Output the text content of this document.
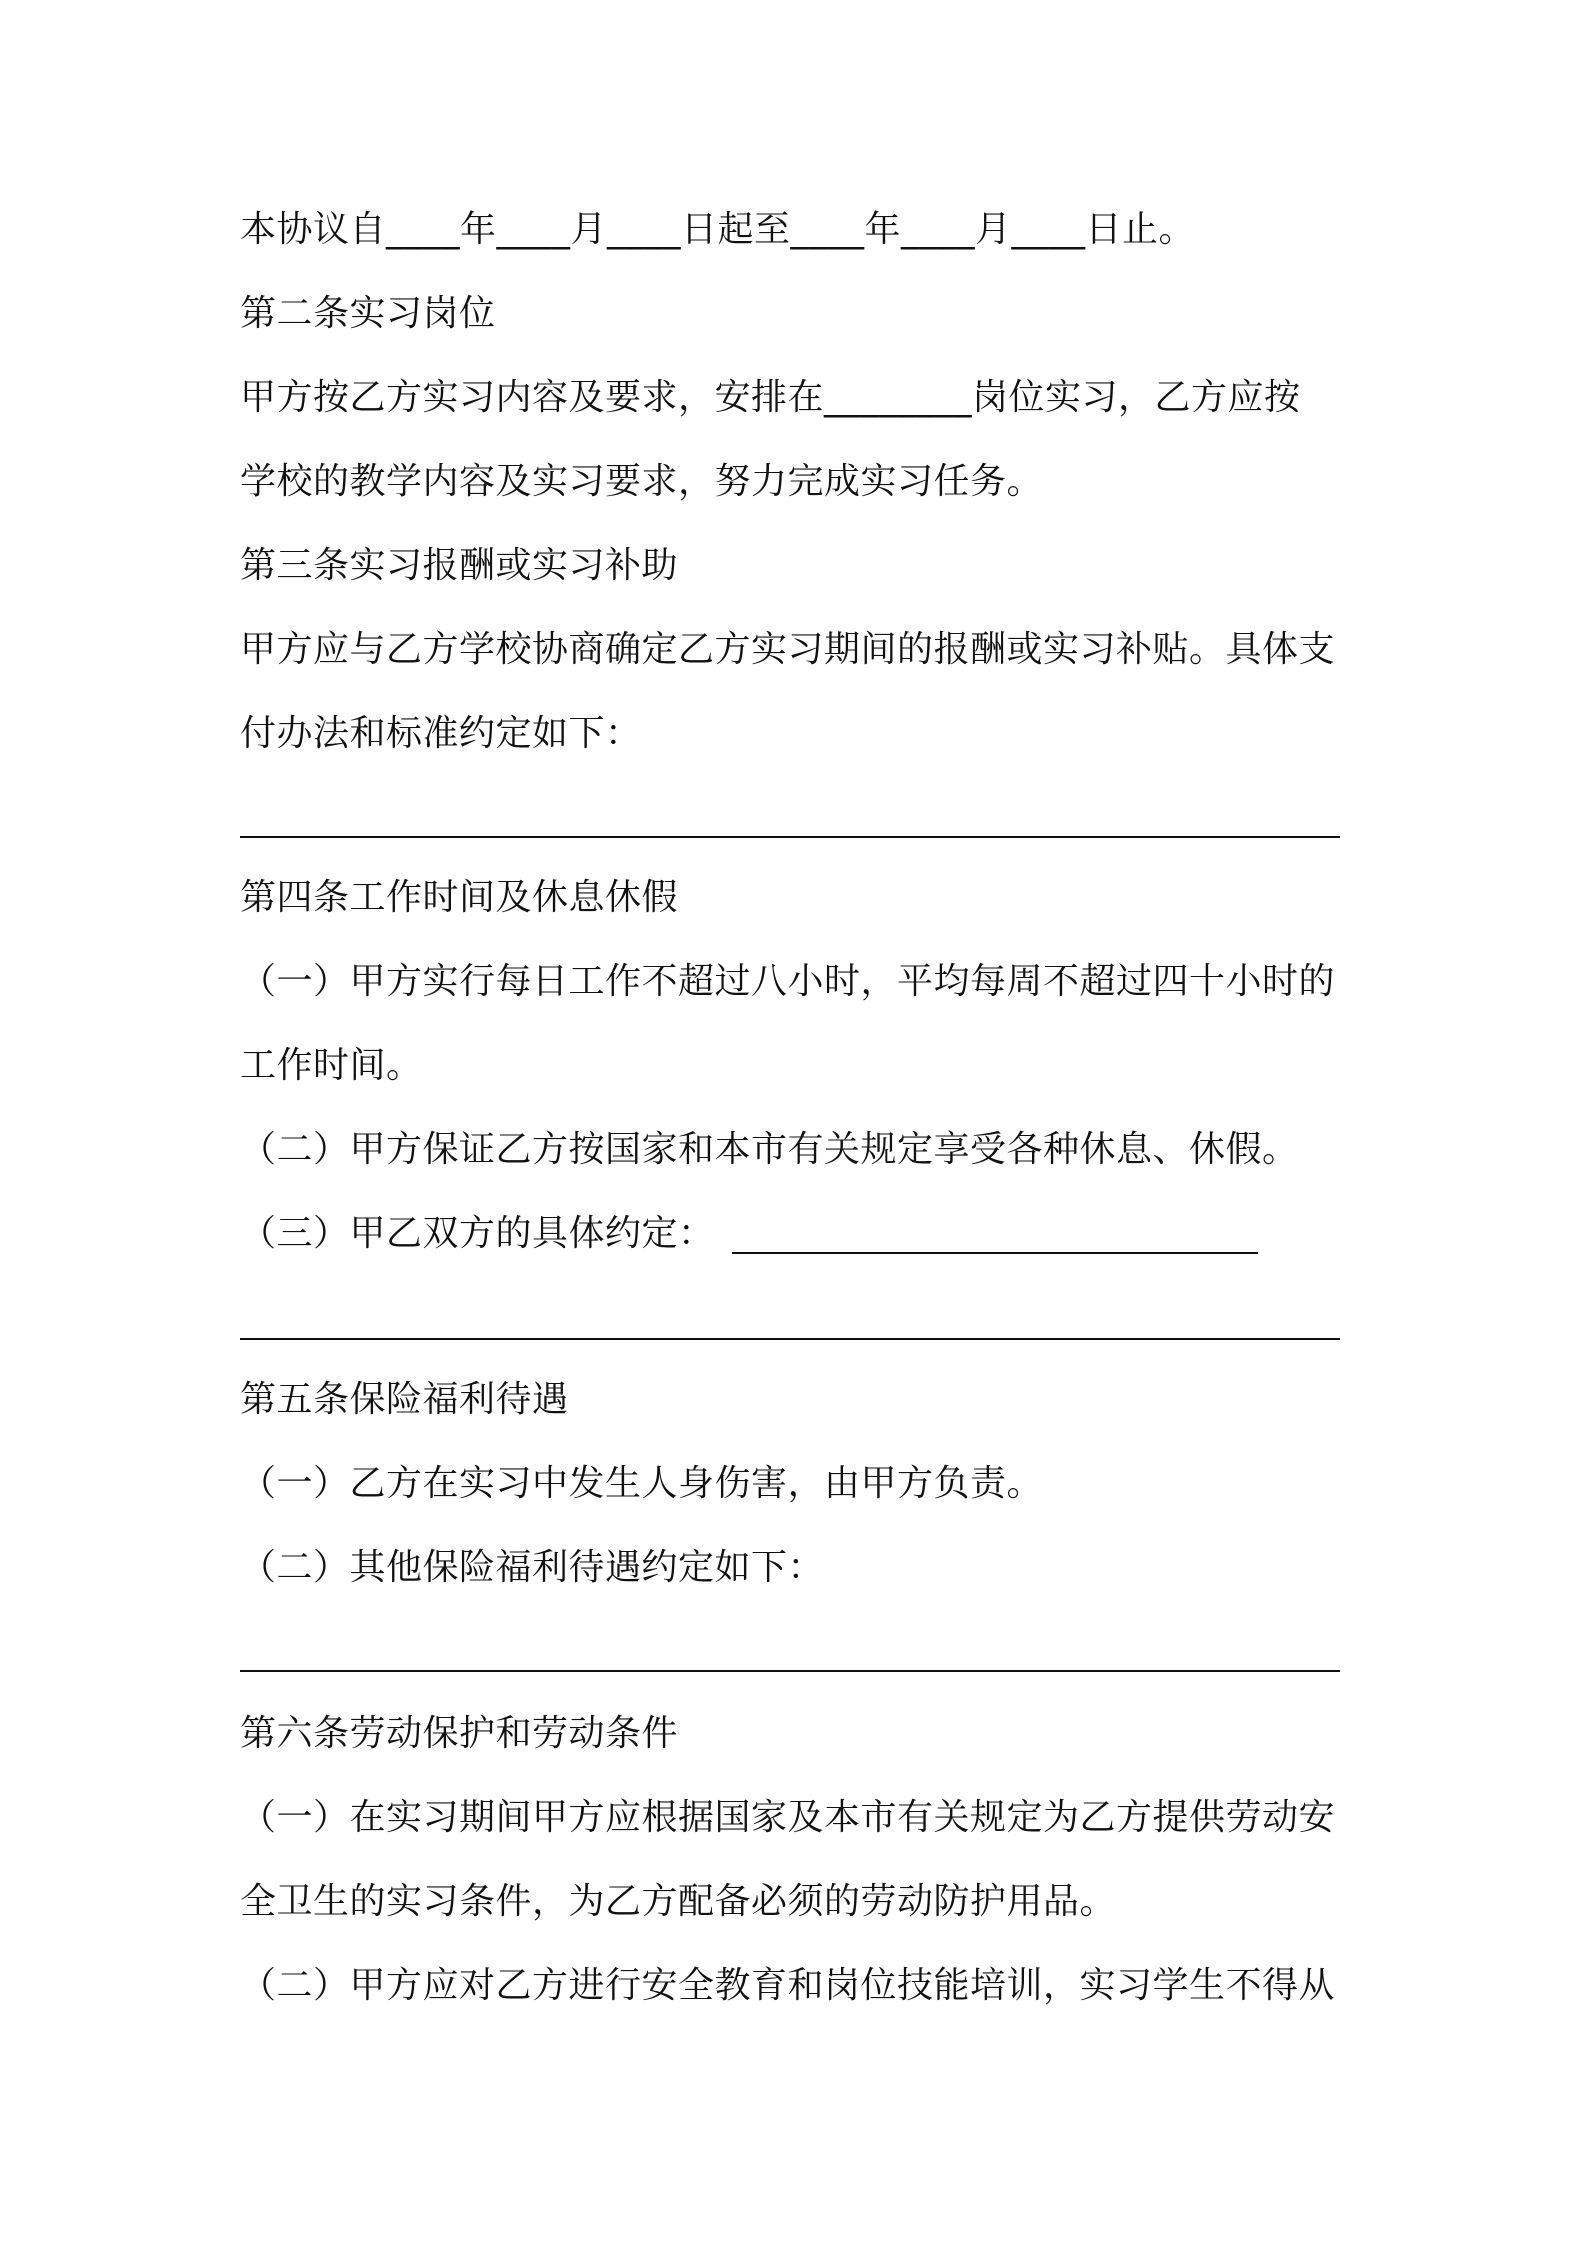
本协议自____年____月____日起至____年____月____日止。
第二条实习岗位
甲方按乙方实习内容及要求，安排在________岗位实习，乙方应按
学校的教学内容及实习要求，努力完成实习任务。
第三条实习报酬或实习补助
甲方应与乙方学校协商确定乙方实习期间的报酬或实习补贴。具体支
付办法和标准约定如下：
第四条工作时间及休息休假
（一）甲方实行每日工作不超过八小时，平均每周不超过四十小时的
工作时间。
（二）甲方保证乙方按国家和本市有关规定享受各种休息、休假。
（三）甲乙双方的具体约定：
第五条保险福利待遇
（一）乙方在实习中发生人身伤害，由甲方负责。
（二）其他保险福利待遇约定如下：
第六条劳动保护和劳动条件
（一）在实习期间甲方应根据国家及本市有关规定为乙方提供劳动安
全卫生的实习条件，为乙方配备必须的劳动防护用品。
（二）甲方应对乙方进行安全教育和岗位技能培训，实习学生不得从
